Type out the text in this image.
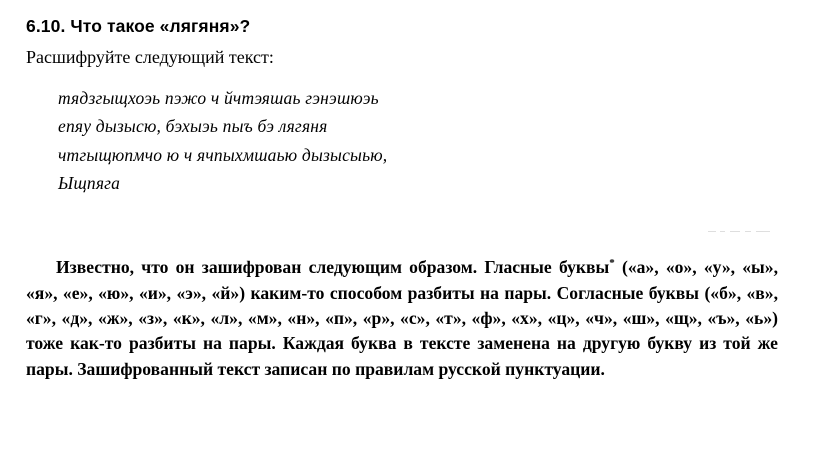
6.10. Что такое «лягяня»?

Расшифруйте следующий текст:

тядзгыщхоэь пэжо ч йчтэяшаь гэнэшюэь
епяу дызысю, бэхыэь пыъ бэ лягяня
чтгыщюпмчо ю ч ячпыхмшаью дызысыью,
Ыщпяга

Известно, что он зашифрован следующим образом. Гласные буквы* («а», «о», «у», «ы», «я», «е», «ю», «и», «э», «й») каким-то способом разбиты на пары. Согласные буквы («б», «в», «г», «д», «ж», «з», «к», «л», «м», «н», «п», «р», «с», «т», «ф», «х», «ц», «ч», «ш», «щ», «ъ», «ь») тоже как-то разбиты на пары. Каждая буква в тексте заменена на другую букву из той же пары. Зашифрованный текст записан по правилам русской пунктуации.
